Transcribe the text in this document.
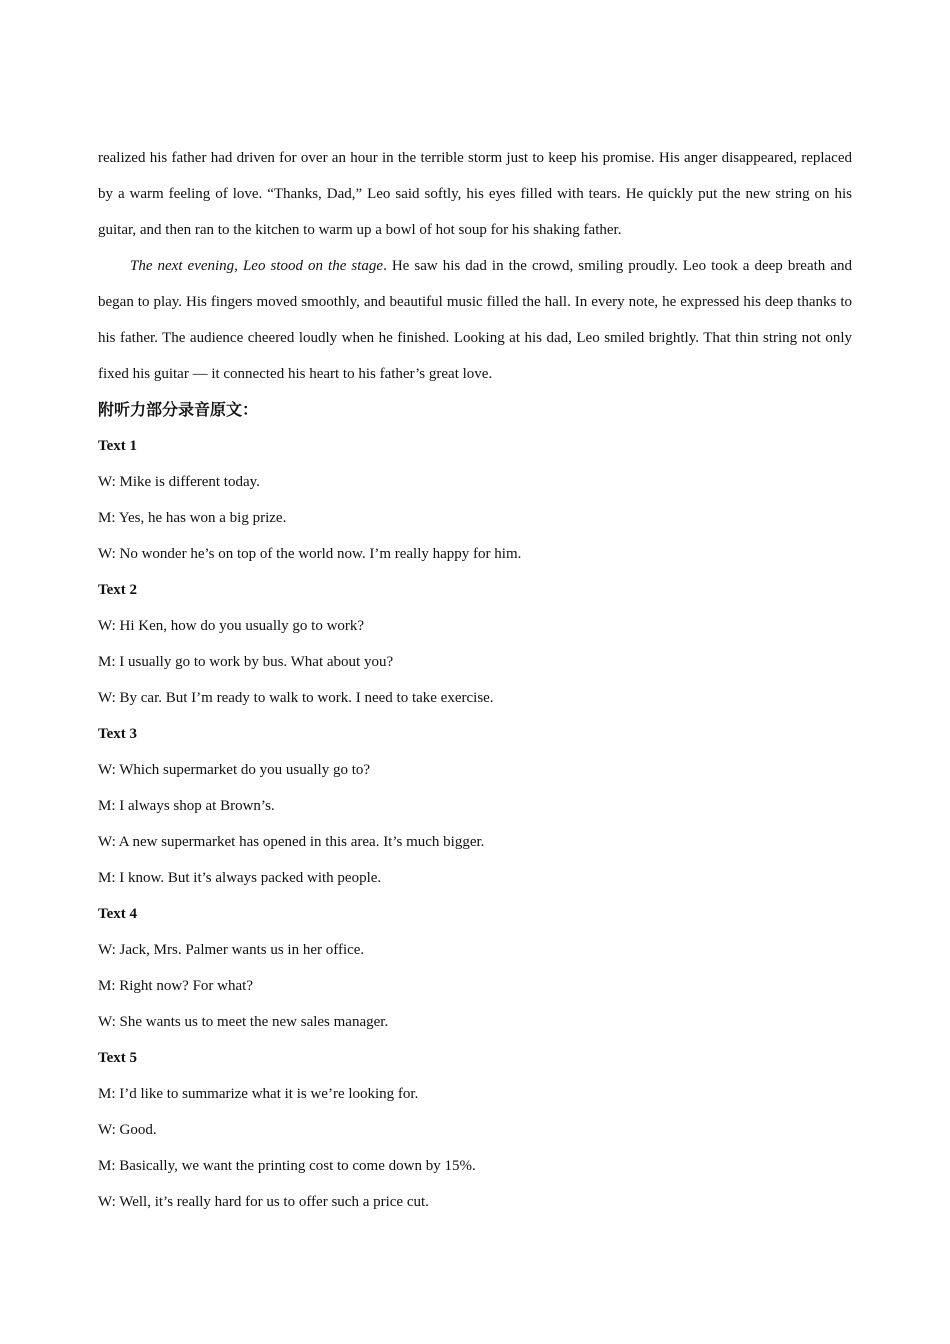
realized his father had driven for over an hour in the terrible storm just to keep his promise. His anger disappeared, replaced by a warm feeling of love. “Thanks, Dad,” Leo said softly, his eyes filled with tears. He quickly put the new string on his guitar, and then ran to the kitchen to warm up a bowl of hot soup for his shaking father.

The next evening, Leo stood on the stage. He saw his dad in the crowd, smiling proudly. Leo took a deep breath and began to play. His fingers moved smoothly, and beautiful music filled the hall. In every note, he expressed his deep thanks to his father. The audience cheered loudly when he finished. Looking at his dad, Leo smiled brightly. That thin string not only fixed his guitar — it connected his heart to his father’s great love.

附听力部分录音原文：

Text 1

W: Mike is different today.

M: Yes, he has won a big prize.

W: No wonder he’s on top of the world now. I’m really happy for him.

Text 2

W: Hi Ken, how do you usually go to work?

M: I usually go to work by bus. What about you?

W: By car. But I’m ready to walk to work. I need to take exercise.

Text 3

W: Which supermarket do you usually go to?

M: I always shop at Brown’s.

W: A new supermarket has opened in this area. It’s much bigger.

M: I know. But it’s always packed with people.

Text 4

W: Jack, Mrs. Palmer wants us in her office.

M: Right now? For what?

W: She wants us to meet the new sales manager.

Text 5

M: I’d like to summarize what it is we’re looking for.

W: Good.

M: Basically, we want the printing cost to come down by 15%.

W: Well, it’s really hard for us to offer such a price cut.
